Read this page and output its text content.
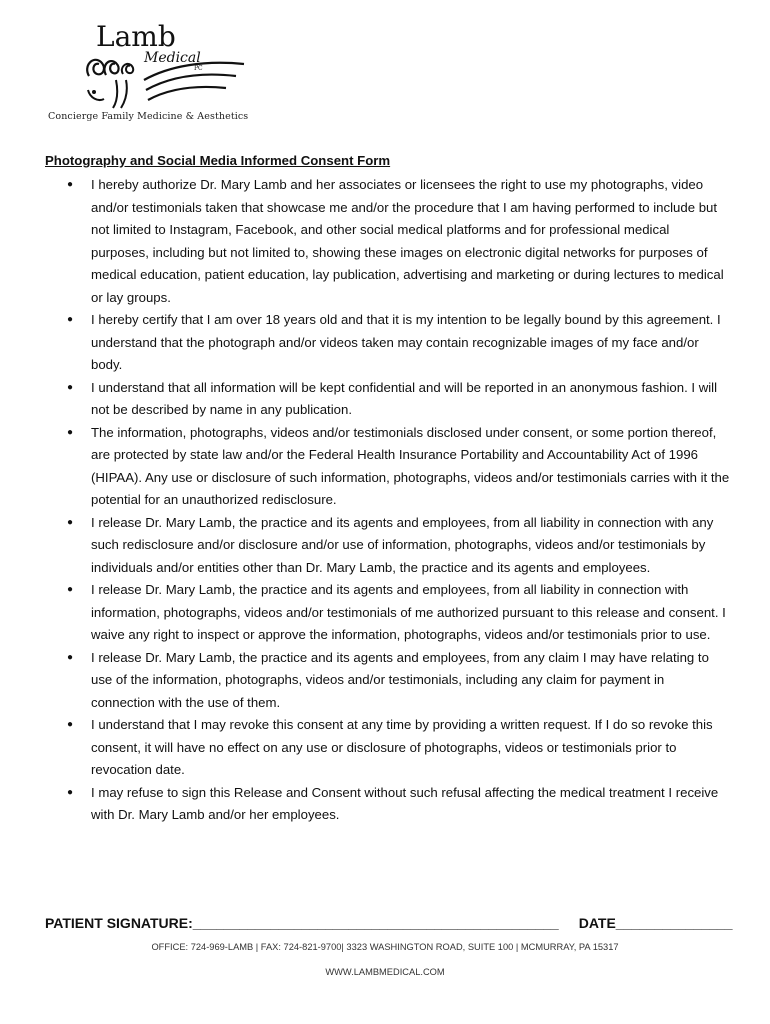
Lamb
Medical
PC
Concierge Family Medicine & Aesthetics
Photography and Social Media Informed Consent Form
● I hereby authorize Dr. Mary Lamb and her associates or licensees the right to use my photographs, video and/or testimonials taken that showcase me and/or the procedure that I am having performed to include but not limited to Instagram, Facebook, and other social medical platforms and for professional medical purposes, including but not limited to, showing these images on electronic digital networks for purposes of medical education, patient education, lay publication, advertising and marketing or during lectures to medical or lay groups.
● I hereby certify that I am over 18 years old and that it is my intention to be legally bound by this agreement. I understand that the photograph and/or videos taken may contain recognizable images of my face and/or body.
● I understand that all information will be kept confidential and will be reported in an anonymous fashion. I will not be described by name in any publication.
● The information, photographs, videos and/or testimonials disclosed under consent, or some portion thereof, are protected by state law and/or the Federal Health Insurance Portability and Accountability Act of 1996 (HIPAA). Any use or disclosure of such information, photographs, videos and/or testimonials carries with it the potential for an unauthorized redisclosure.
● I release Dr. Mary Lamb, the practice and its agents and employees, from all liability in connection with any such redisclosure and/or disclosure and/or use of information, photographs, videos and/or testimonials by individuals and/or entities other than Dr. Mary Lamb, the practice and its agents and employees.
● I release Dr. Mary Lamb, the practice and its agents and employees, from all liability in connection with information, photographs, videos and/or testimonials of me authorized pursuant to this release and consent. I waive any right to inspect or approve the information, photographs, videos and/or testimonials prior to use.
● I release Dr. Mary Lamb, the practice and its agents and employees, from any claim I may have relating to use of the information, photographs, videos and/or testimonials, including any claim for payment in connection with the use of them.
● I understand that I may revoke this consent at any time by providing a written request. If I do so revoke this consent, it will have no effect on any use or disclosure of photographs, videos or testimonials prior to revocation date.
● I may refuse to sign this Release and Consent without such refusal affecting the medical treatment I receive with Dr. Mary Lamb and/or her employees.
PATIENT SIGNATURE:_______________________________________________ DATE_______________
OFFICE: 724-969-LAMB | FAX: 724-821-9700| 3323 WASHINGTON ROAD, SUITE 100 | MCMURRAY, PA 15317
WWW.LAMBMEDICAL.COM
